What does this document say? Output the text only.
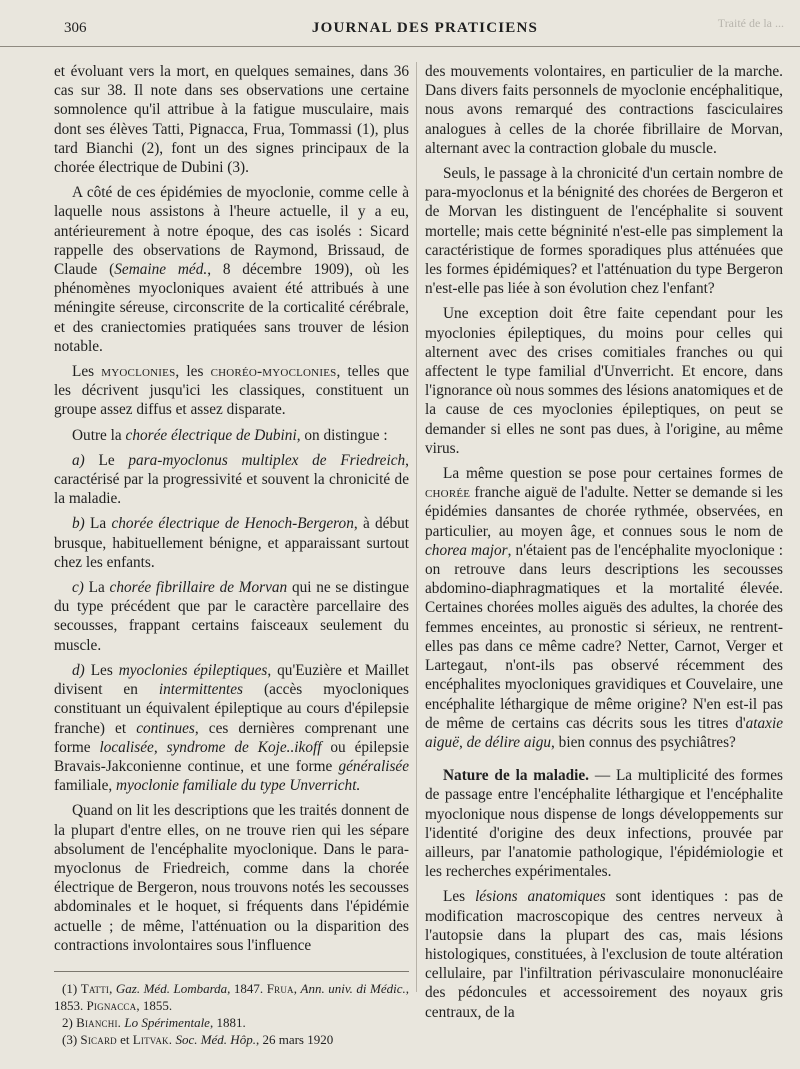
306	JOURNAL DES PRATICIENS	Traité de la ...

et évoluant vers la mort, en quelques semaines, dans 36 cas sur 38. Il note dans ses observations une certaine somnolence qu'il attribue à la fatigue musculaire, mais dont ses élèves Tatti, Pignacca, Frua, Tommassi (1), plus tard Bianchi (2), font un des signes principaux de la chorée électrique de Dubini (3).

A côté de ces épidémies de myoclonie, comme celle à laquelle nous assistons à l'heure actuelle, il y a eu, antérieurement à notre époque, des cas isolés : Sicard rappelle des observations de Raymond, Brissaud, de Claude (Semaine méd., 8 décembre 1909), où les phénomènes myocloniques avaient été attribués à une méningite séreuse, circonscrite de la corticalité cérébrale, et des craniectomies pratiquées sans trouver de lésion notable.

Les myoclonies, les choréo-myoclonies, telles que les décrivent jusqu'ici les classiques, constituent un groupe assez diffus et assez disparate.

Outre la chorée électrique de Dubini, on distingue :

a) Le para-myoclonus multiplex de Friedreich, caractérisé par la progressivité et souvent la chronicité de la maladie.

b) La chorée électrique de Henoch-Bergeron, à début brusque, habituellement bénigne, et apparaissant surtout chez les enfants.

c) La chorée fibrillaire de Morvan qui ne se distingue du type précédent que par le caractère parcellaire des secousses, frappant certains faisceaux seulement du muscle.

d) Les myoclonies épileptiques, qu'Euzière et Maillet divisent en intermittentes (accès myocloniques constituant un équivalent épileptique au cours d'épilepsie franche) et continues, ces dernières comprenant une forme localisée, syndrome de Koje..ikoff ou épilepsie Bravais-Jakconienne continue, et une forme généralisée familiale, myoclonie familiale du type Unverricht.

Quand on lit les descriptions que les traités donnent de la plupart d'entre elles, on ne trouve rien qui les sépare absolument de l'encéphalite myoclonique. Dans le para-myoclonus de Friedreich, comme dans la chorée électrique de Bergeron, nous trouvons notés les secousses abdominales et le hoquet, si fréquents dans l'épidémie actuelle ; de même, l'atténuation ou la disparition des contractions involontaires sous l'influence

(1) Tatti, Gaz. Méd. Lombarda, 1847. Frua, Ann. univ. di Médic., 1853. Pignacca, 1855.

2) Bianchi. Lo Spérimentale, 1881.

(3) Sicard et Litvak. Soc. Méd. Hôp., 26 mars 1920

des mouvements volontaires, en particulier de la marche. Dans divers faits personnels de myoclonie encéphalitique, nous avons remarqué des contractions fasciculaires analogues à celles de la chorée fibrillaire de Morvan, alternant avec la contraction globale du muscle.

Seuls, le passage à la chronicité d'un certain nombre de para-myoclonus et la bénignité des chorées de Bergeron et de Morvan les distinguent de l'encéphalite si souvent mortelle; mais cette bégninité n'est-elle pas simplement la caractéristique de formes sporadiques plus atténuées que les formes épidémiques? et l'atténuation du type Bergeron n'est-elle pas liée à son évolution chez l'enfant?

Une exception doit être faite cependant pour les myoclonies épileptiques, du moins pour celles qui alternent avec des crises comitiales franches ou qui affectent le type familial d'Unverricht. Et encore, dans l'ignorance où nous sommes des lésions anatomiques et de la cause de ces myoclonies épileptiques, on peut se demander si elles ne sont pas dues, à l'origine, au même virus.

La même question se pose pour certaines formes de chorée franche aiguë de l'adulte. Netter se demande si les épidémies dansantes de chorée rythmée, observées, en particulier, au moyen âge, et connues sous le nom de chorea major, n'étaient pas de l'encéphalite myoclonique : on retrouve dans leurs descriptions les secousses abdomino-diaphragmatiques et la mortalité élevée. Certaines chorées molles aiguës des adultes, la chorée des femmes enceintes, au pronostic si sérieux, ne rentrent-elles pas dans ce même cadre? Netter, Carnot, Verger et Lartegaut, n'ont-ils pas observé récemment des encéphalites myocloniques gravidiques et Couvelaire, une encéphalite léthargique de même origine? N'en est-il pas de même de certains cas décrits sous les titres d'ataxie aiguë, de délire aigu, bien connus des psychiâtres?

Nature de la maladie. — La multiplicité des formes de passage entre l'encéphalite léthargique et l'encéphalite myoclonique nous dispense de longs développements sur l'identité d'origine des deux infections, prouvée par ailleurs, par l'anatomie pathologique, l'épidémiologie et les recherches expérimentales.

Les lésions anatomiques sont identiques : pas de modification macroscopique des centres nerveux à l'autopsie dans la plupart des cas, mais lésions histologiques, constituées, à l'exclusion de toute altération cellulaire, par l'infiltration périvasculaire mononucléaire des pédoncules et accessoirement des noyaux gris centraux, de la
